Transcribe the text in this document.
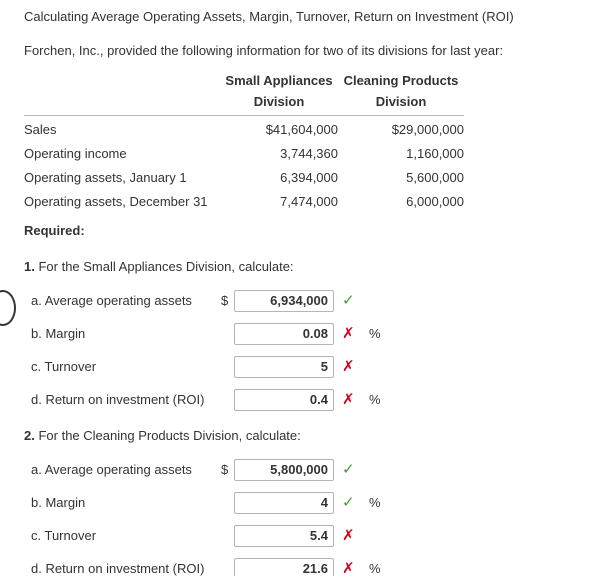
Calculating Average Operating Assets, Margin, Turnover, Return on Investment (ROI)
Forchen, Inc., provided the following information for two of its divisions for last year:
Small Appliances
Division
Cleaning Products
Division
Sales	$41,604,000	$29,000,000
Operating income	3,744,360	1,160,000
Operating assets, January 1	6,394,000	5,600,000
Operating assets, December 31	7,474,000	6,000,000
Required:
1. For the Small Appliances Division, calculate:
a. Average operating assets $	6,934,000 ✓
b. Margin	0.08 ✗ %
c. Turnover	5 ✗
d. Return on investment (ROI)	0.4 ✗ %
2. For the Cleaning Products Division, calculate:
a. Average operating assets $	5,800,000 ✓
b. Margin	4 ✓ %
c. Turnover	5.4 ✗
d. Return on investment (ROI)	21.6 ✗ %
